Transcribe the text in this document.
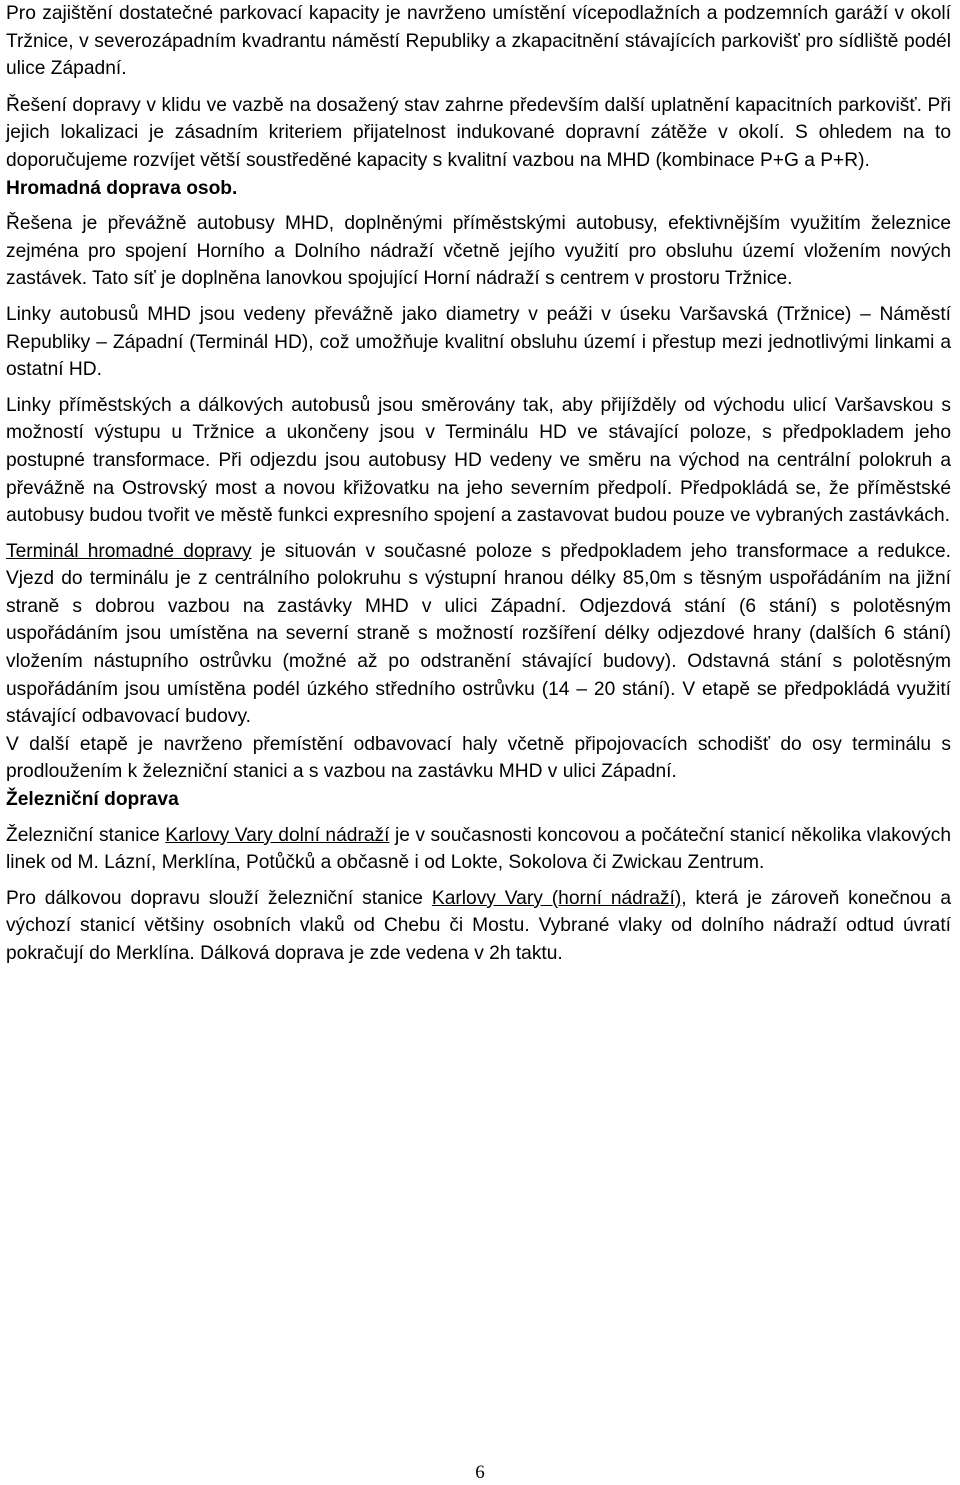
Pro zajištění dostatečné parkovací kapacity je navrženo umístění vícepodlažních a podzemních garáží v okolí Tržnice, v severozápadním kvadrantu náměstí Republiky a zkapacitnění stávajících parkovišť pro sídliště podél ulice Západní.

Řešení dopravy v klidu ve vazbě na dosažený stav zahrne především další uplatnění kapacitních parkovišť. Při jejich lokalizaci je zásadním kriteriem přijatelnost indukované dopravní zátěže v okolí. S ohledem na to doporučujeme rozvíjet větší soustředěné kapacity s kvalitní vazbou na MHD (kombinace P+G a P+R).

Hromadná doprava osob.

Řešena je převážně autobusy MHD, doplněnými příměstskými autobusy, efektivnějším využitím železnice zejména pro spojení Horního a Dolního nádraží včetně jejího využití pro obsluhu území vložením nových zastávek. Tato síť je doplněna lanovkou spojující Horní nádraží s centrem v prostoru Tržnice.

Linky autobusů MHD jsou vedeny převážně jako diametry v peáži v úseku Varšavská (Tržnice) – Náměstí Republiky – Západní (Terminál HD), což umožňuje kvalitní obsluhu území i přestup mezi jednotlivými linkami a ostatní HD.

Linky příměstských a dálkových autobusů jsou směrovány tak, aby přijížděly od východu ulicí Varšavskou s možností výstupu u Tržnice a ukončeny jsou v Terminálu HD ve stávající poloze, s předpokladem jeho postupné transformace. Při odjezdu jsou autobusy HD vedeny ve směru na východ na centrální polokruh a převážně na Ostrovský most a novou křižovatku na jeho severním předpolí. Předpokládá se, že příměstské autobusy budou tvořit ve městě funkci expresního spojení a zastavovat budou pouze ve vybraných zastávkách.

Terminál hromadné dopravy je situován v současné poloze s předpokladem jeho transformace a redukce. Vjezd do terminálu je z centrálního polokruhu s výstupní hranou délky 85,0m s těsným uspořádáním na jižní straně s dobrou vazbou na zastávky MHD v ulici Západní. Odjezdová stání (6 stání) s polotěsným uspořádáním jsou umístěna na severní straně s možností rozšíření délky odjezdové hrany (dalších 6 stání) vložením nástupního ostrůvku (možné až po odstranění stávající budovy). Odstavná stání s polotěsným uspořádáním jsou umístěna podél úzkého středního ostrůvku (14 – 20 stání). V etapě se předpokládá využití stávající odbavovací budovy.

V další etapě je navrženo přemístění odbavovací haly včetně připojovacích schodišť do osy terminálu s prodloužením k železniční stanici a s vazbou na zastávku MHD v ulici Západní.

Železniční doprava

Železniční stanice Karlovy Vary dolní nádraží je v současnosti koncovou a počáteční stanicí několika vlakových linek od M. Lázní, Merklína, Potůčků a občasně i od Lokte, Sokolova či Zwickau Zentrum.

Pro dálkovou dopravu slouží železniční stanice Karlovy Vary (horní nádraží), která je zároveň konečnou a výchozí stanicí většiny osobních vlaků od Chebu či Mostu. Vybrané vlaky od dolního nádraží odtud úvratí pokračují do Merklína. Dálková doprava je zde vedena v 2h taktu.

6
